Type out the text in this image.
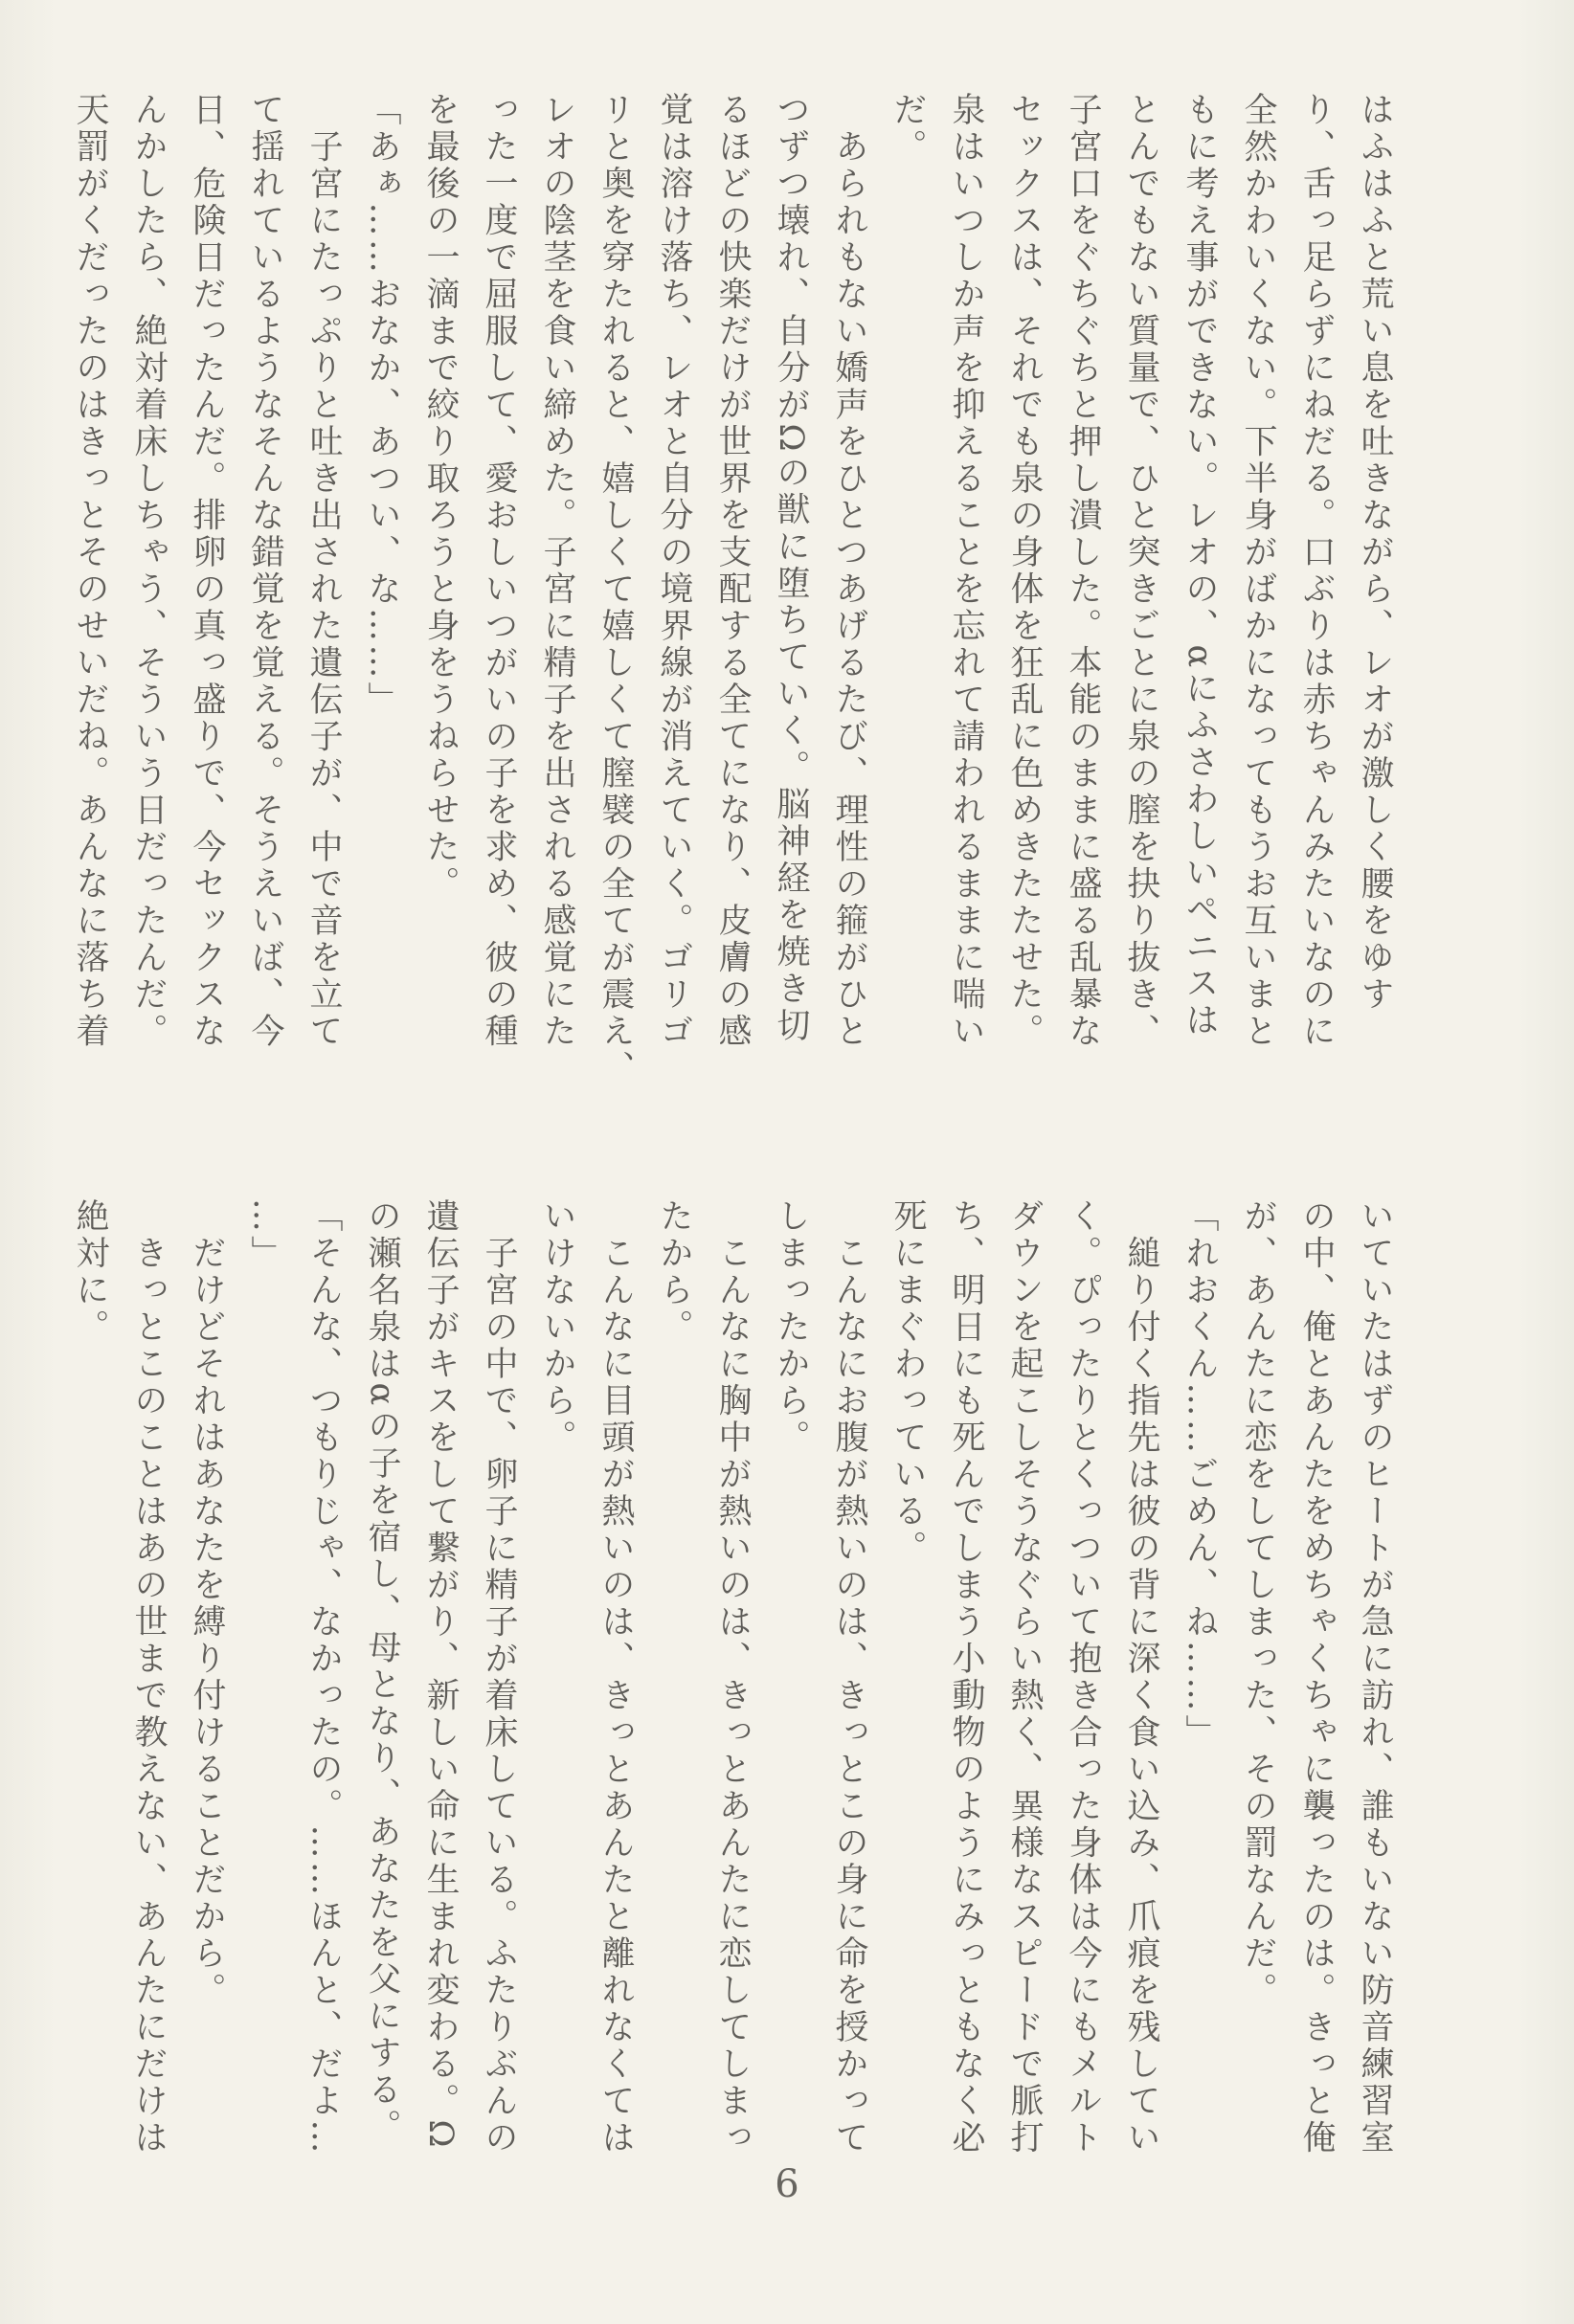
はふはふと荒い息を吐きながら、レオが激しく腰をゆす
り、舌っ足らずにねだる。口ぶりは赤ちゃんみたいなのに
全然かわいくない。下半身がばかになってもうお互いまと
もに考え事ができない。レオの、αにふさわしいペニスは
とんでもない質量で、ひと突きごとに泉の膣を抉り抜き、
子宮口をぐちぐちと押し潰した。本能のままに盛る乱暴な
セックスは、それでも泉の身体を狂乱に色めきたたせた。
泉はいつしか声を抑えることを忘れて請われるままに喘い
だ。
　あられもない嬌声をひとつあげるたび、理性の箍がひと
つずつ壊れ、自分がΩの獣に堕ちていく。脳神経を焼き切
るほどの快楽だけが世界を支配する全てになり、皮膚の感
覚は溶け落ち、レオと自分の境界線が消えていく。ゴリゴ
リと奥を穿たれると、嬉しくて嬉しくて膣襞の全てが震え、
レオの陰茎を食い締めた。子宮に精子を出される感覚にた
った一度で屈服して、愛おしいつがいの子を求め、彼の種
を最後の一滴まで絞り取ろうと身をうねらせた。
「あぁ……おなか、あつい、な……」
　子宮にたっぷりと吐き出された遺伝子が、中で音を立て
て揺れているようなそんな錯覚を覚える。そうえいば、今
日、危険日だったんだ。排卵の真っ盛りで、今セックスな
んかしたら、絶対着床しちゃう、そういう日だったんだ。
天罰がくだったのはきっとそのせいだね。あんなに落ち着
いていたはずのヒートが急に訪れ、誰もいない防音練習室
の中、俺とあんたをめちゃくちゃに襲ったのは。きっと俺
が、あんたに恋をしてしまった、その罰なんだ。
「れおくん……ごめん、ね……」
　縋り付く指先は彼の背に深く食い込み、爪痕を残してい
く。ぴったりとくっついて抱き合った身体は今にもメルト
ダウンを起こしそうなぐらい熱く、異様なスピードで脈打
ち、明日にも死んでしまう小動物のようにみっともなく必
死にまぐわっている。
　こんなにお腹が熱いのは、きっとこの身に命を授かって
しまったから。
　こんなに胸中が熱いのは、きっとあんたに恋してしまっ
たから。
　こんなに目頭が熱いのは、きっとあんたと離れなくては
いけないから。
　子宮の中で、卵子に精子が着床している。ふたりぶんの
遺伝子がキスをして繋がり、新しい命に生まれ変わる。Ω
の瀬名泉はαの子を宿し、母となり、あなたを父にする。
「そんな、つもりじゃ、なかったの。……ほんと、だよ…
…」
　だけどそれはあなたを縛り付けることだから。
　きっとこのことはあの世まで教えない、あんたにだけは
絶対に。
6
